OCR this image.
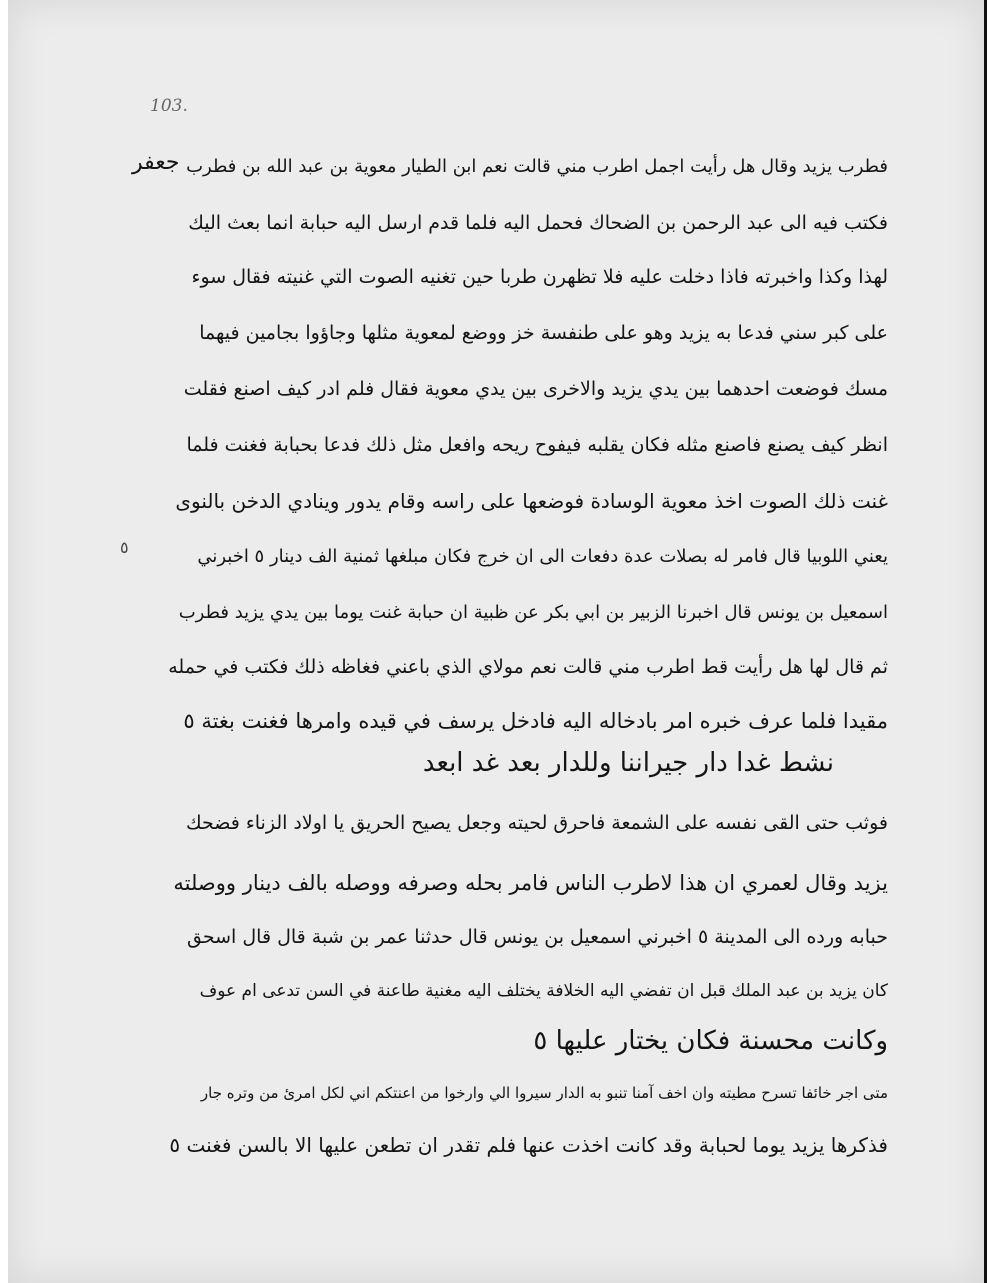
103.
جعفر
٥
فطرب يزيد وقال هل رأيت اجمل اطرب مني قالت نعم ابن الطيار معوية بن عبد الله بن فطرب
فكتب فيه الى عبد الرحمن بن الضحاك فحمل اليه فلما قدم ارسل اليه حبابة انما بعث اليك
لهذا وكذا واخبرته فاذا دخلت عليه فلا تظهرن طربا حين تغنيه الصوت التي غنيته فقال سوء
على كبر سني فدعا به يزيد وهو على طنفسة خز ووضع لمعوية مثلها وجاؤوا بجامين فيهما
مسك فوضعت احدهما بين يدي يزيد والاخرى بين يدي معوية فقال فلم ادر كيف اصنع فقلت
انظر كيف يصنع فاصنع مثله فكان يقلبه فيفوح ريحه وافعل مثل ذلك فدعا بحبابة فغنت فلما
غنت ذلك الصوت اخذ معوية الوسادة فوضعها على راسه وقام يدور وينادي الدخن بالنوى
يعني اللوبيا قال فامر له بصلات عدة دفعات الى ان خرج فكان مبلغها ثمنية الف دينار ٥ اخبرني
اسمعيل بن يونس قال اخبرنا الزبير بن ابي بكر عن ظبية ان حبابة غنت يوما بين يدي يزيد فطرب
ثم قال لها هل رأيت قط اطرب مني قالت نعم مولاي الذي باعني فغاظه ذلك فكتب في حمله
مقيدا فلما عرف خبره امر بادخاله اليه فادخل يرسف في قيده وامرها فغنت بغتة ٥
نشط غدا دار جيراننا وللدار بعد غد ابعد
فوثب حتى القى نفسه على الشمعة فاحرق لحيته وجعل يصيح الحريق يا اولاد الزناء فضحك
يزيد وقال لعمري ان هذا لاطرب الناس فامر بحله وصرفه ووصله بالف دينار ووصلته
حبابه ورده الى المدينة ٥ اخبرني اسمعيل بن يونس قال حدثنا عمر بن شبة قال قال اسحق
كان يزيد بن عبد الملك قبل ان تفضي اليه الخلافة يختلف اليه مغنية طاعنة في السن تدعى ام عوف
وكانت محسنة فكان يختار عليها ٥
متى اجر خائفا تسرح مطيته وان اخف آمنا تنبو به الدار سيروا الي وارخوا من اعنتكم اني لكل امرئ من وتره جار
فذكرها يزيد يوما لحبابة وقد كانت اخذت عنها فلم تقدر ان تطعن عليها الا بالسن فغنت ٥
